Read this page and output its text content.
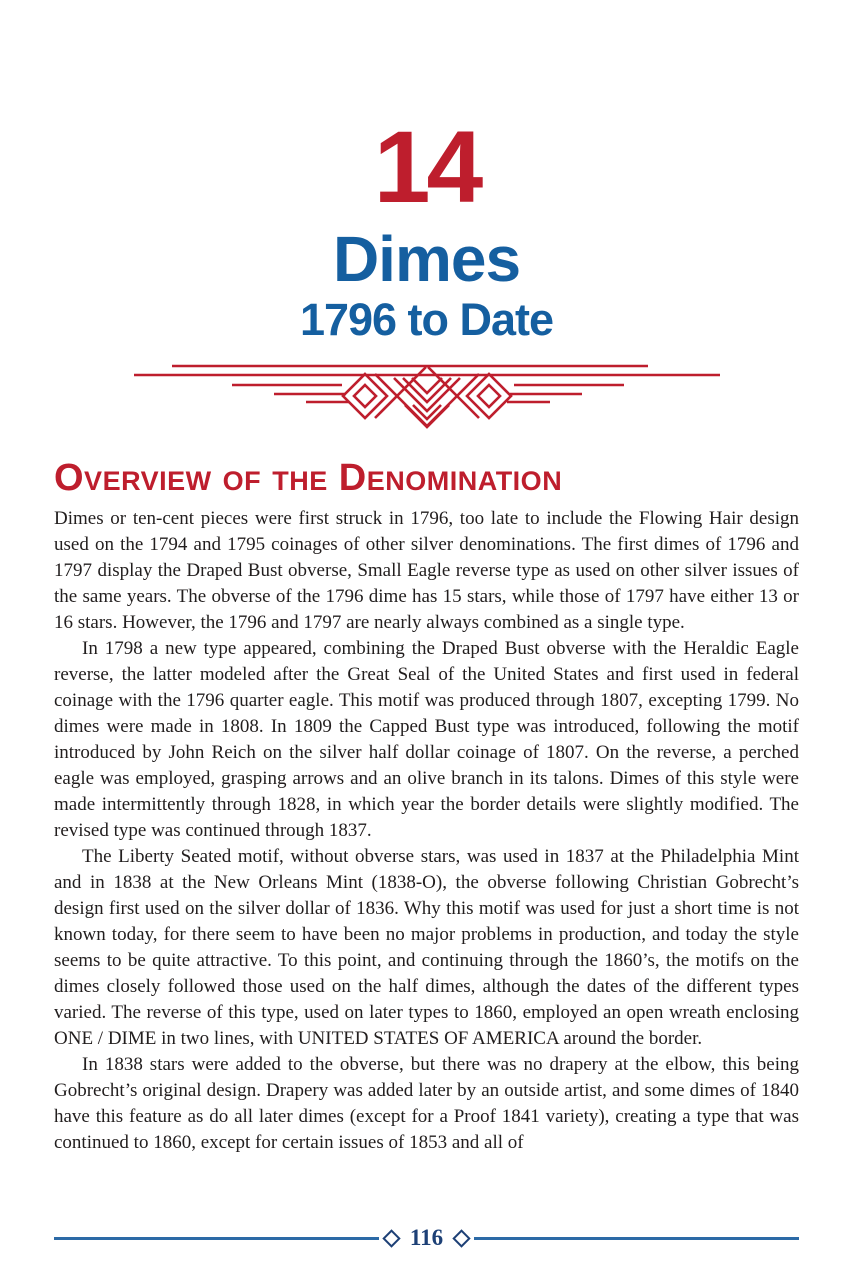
14
Dimes
1796 to Date
Overview of the Denomination

Dimes or ten-cent pieces were first struck in 1796, too late to include the Flowing Hair design used on the 1794 and 1795 coinages of other silver denominations. The first dimes of 1796 and 1797 display the Draped Bust obverse, Small Eagle reverse type as used on other silver issues of the same years. The obverse of the 1796 dime has 15 stars, while those of 1797 have either 13 or 16 stars. However, the 1796 and 1797 are nearly always combined as a single type.

In 1798 a new type appeared, combining the Draped Bust obverse with the Heraldic Eagle reverse, the latter modeled after the Great Seal of the United States and first used in federal coinage with the 1796 quarter eagle. This motif was produced through 1807, excepting 1799. No dimes were made in 1808. In 1809 the Capped Bust type was introduced, following the motif introduced by John Reich on the silver half dollar coinage of 1807. On the reverse, a perched eagle was employed, grasping arrows and an olive branch in its talons. Dimes of this style were made intermittently through 1828, in which year the border details were slightly modified. The revised type was continued through 1837.

The Liberty Seated motif, without obverse stars, was used in 1837 at the Philadelphia Mint and in 1838 at the New Orleans Mint (1838-O), the obverse following Christian Gobrecht’s design first used on the silver dollar of 1836. Why this motif was used for just a short time is not known today, for there seem to have been no major problems in production, and today the style seems to be quite attractive. To this point, and continuing through the 1860’s, the motifs on the dimes closely followed those used on the half dimes, although the dates of the different types varied. The reverse of this type, used on later types to 1860, employed an open wreath enclosing ONE / DIME in two lines, with UNITED STATES OF AMERICA around the border.

In 1838 stars were added to the obverse, but there was no drapery at the elbow, this being Gobrecht’s original design. Drapery was added later by an outside artist, and some dimes of 1840 have this feature as do all later dimes (except for a Proof 1841 variety), creating a type that was continued to 1860, except for certain issues of 1853 and all of

116
